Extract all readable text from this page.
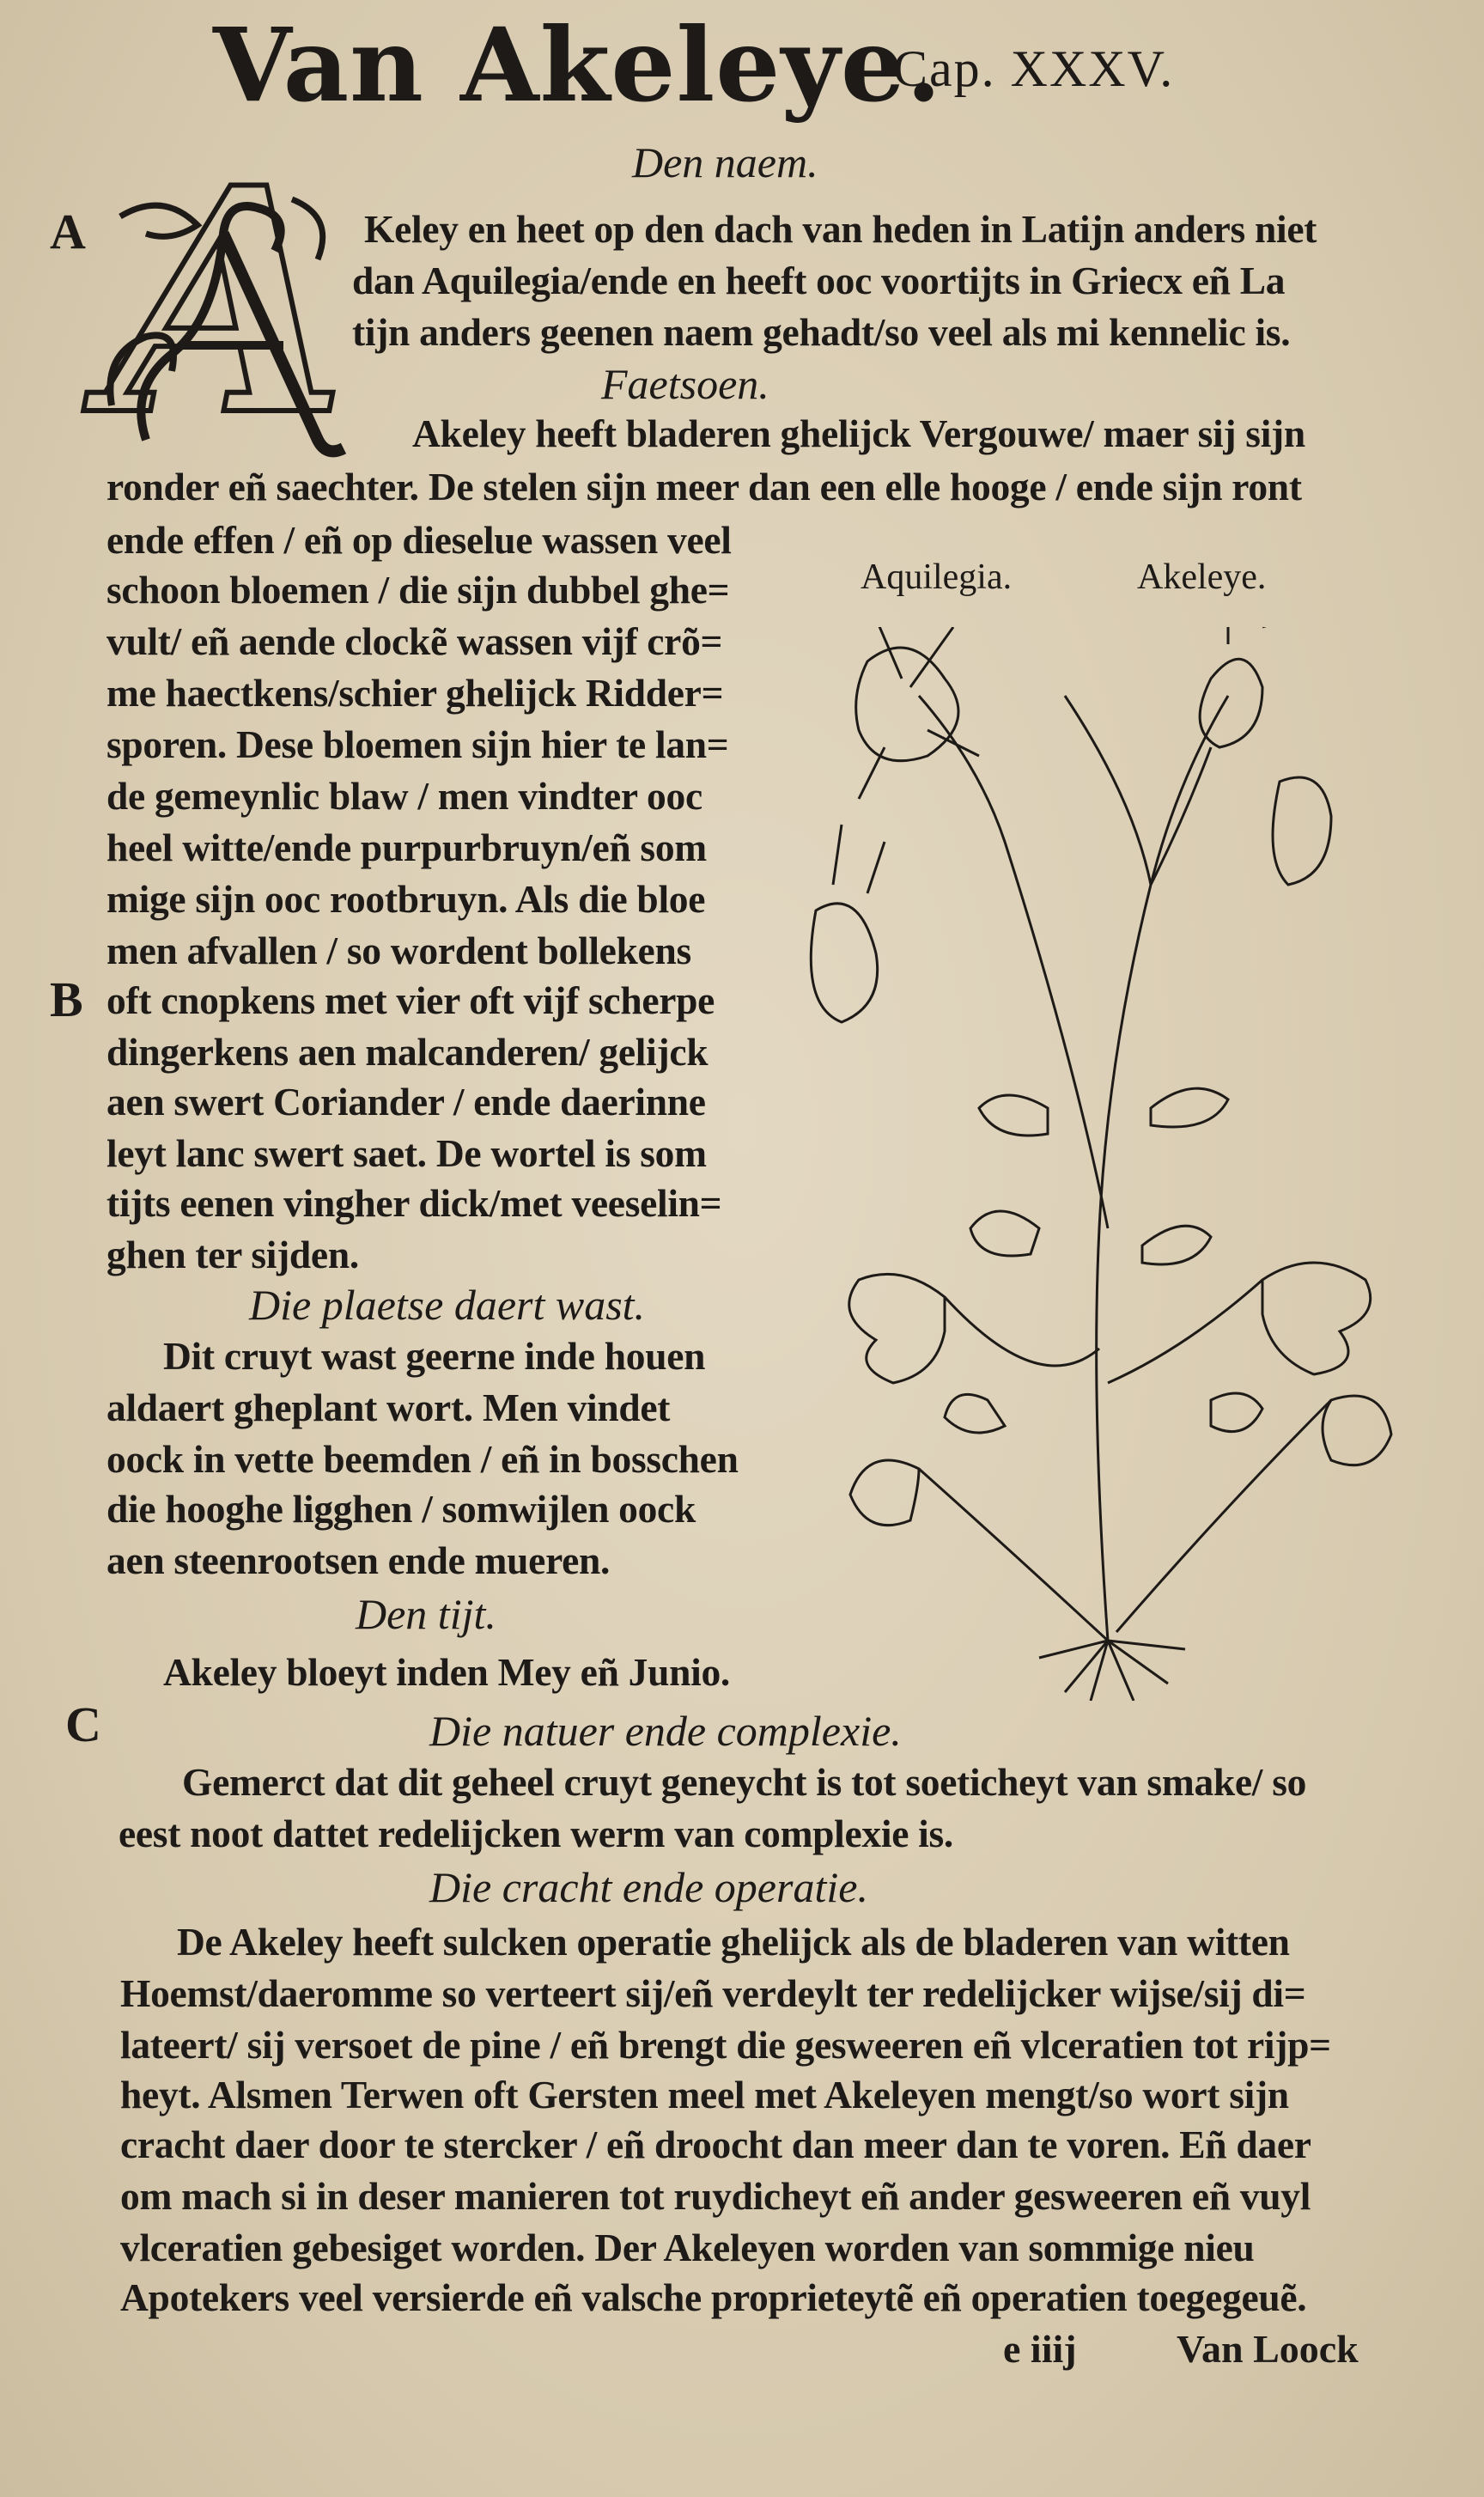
Van Akeleye.
Cap. XXXV.
Den naem.
A A Keley en heet op den dach van heden in Latijn anders niet
dan Aquilegia/ende en heeft ooc voortijts in Griecx eñ La
tijn anders geenen naem gehadt/so veel als mi kennelic is.
Faetsoen.
Akeley heeft bladeren ghelijck Vergouwe/ maer sij sijn
ronder eñ saechter. De stelen sijn meer dan een elle hooge / ende sijn ront
ende effen / eñ op dieselue wassen veel
schoon bloemen / die sijn dubbel ghe=
vult/ eñ aende clockẽ wassen vijf crõ=
me haectkens/schier ghelijck Ridder=
sporen. Dese bloemen sijn hier te lan=
de gemeynlic blaw / men vindter ooc
heel witte/ende purpurbruyn/eñ som
mige sijn ooc rootbruyn. Als die bloe
men afvallen / so wordent bollekens
B oft cnopkens met vier oft vijf scherpe
dingerkens aen malcanderen/ gelijck
aen swert Coriander / ende daerinne
leyt lanc swert saet. De wortel is som
tijts eenen vingher dick/met veeselin=
ghen ter sijden.
Die plaetse daert wast.
Dit cruyt wast geerne inde houen
aldaert gheplant wort. Men vindet
oock in vette beemden / eñ in bosschen
die hooghe ligghen / somwijlen oock
aen steenrootsen ende mueren.
Den tijt.
Akeley bloeyt inden Mey eñ Junio.
Aquilegia.	Akeleye.
C	Die natuer ende complexie.
Gemerct dat dit geheel cruyt geneycht is tot soeticheyt van smake/ so
eest noot dattet redelijcken werm van complexie is.
Die cracht ende operatie.
De Akeley heeft sulcken operatie ghelijck als de bladeren van witten
Hoemst/daeromme so verteert sij/eñ verdeylt ter redelijcker wijse/sij di=
lateert/ sij versoet de pine / eñ brengt die gesweeren eñ vlceratien tot rijp=
heyt. Alsmen Terwen oft Gersten meel met Akeleyen mengt/so wort sijn
cracht daer door te stercker / eñ droocht dan meer dan te voren. Eñ daer
om mach si in deser manieren tot ruydicheyt eñ ander gesweeren eñ vuyl
vlceratien gebesiget worden. Der Akeleyen worden van sommige nieu
Apotekers veel versierde eñ valsche proprieteytẽ eñ operatien toegegeuẽ.
e iiij	Van Loock
